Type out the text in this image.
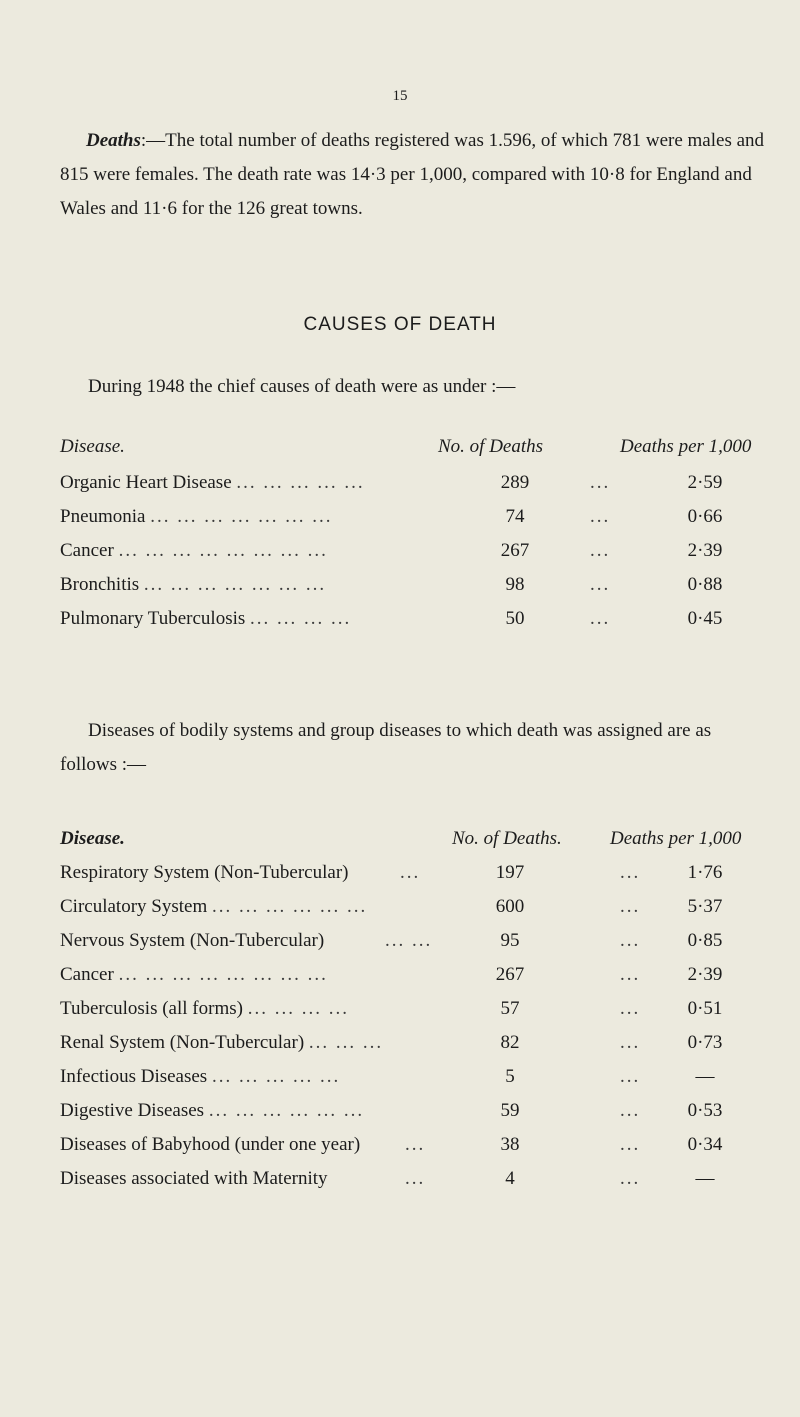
15
Deaths:—The total number of deaths registered was 1.596, of which 781 were males and 815 were females. The death rate was 14·3 per 1,000, compared with 10·8 for England and Wales and 11·6 for the 126 great towns.
CAUSES OF DEATH
During 1948 the chief causes of death were as under :—
Disease.	No. of Deaths	Deaths per 1,000
Organic Heart Disease ... ... ... ... ...	289	...	2·59
Pneumonia ... ... ... ... ... ... ...	74	...	0·66
Cancer ... ... ... ... ... ... ... ...	267	...	2·39
Bronchitis ... ... ... ... ... ... ...	98	...	0·88
Pulmonary Tuberculosis ... ... ... ...	50	...	0·45
Diseases of bodily systems and group diseases to which death was assigned are as follows :—
Disease.	No. of Deaths.	Deaths per 1,000
Respiratory System (Non-Tubercular)	...	197	...	1·76
Circulatory System ... ... ... ... ... ...	600	...	5·37
Nervous System (Non-Tubercular)	... ...	95	...	0·85
Cancer ... ... ... ... ... ... ... ...	267	...	2·39
Tuberculosis (all forms) ... ... ... ...	57	...	0·51
Renal System (Non-Tubercular) ... ... ...	82	...	0·73
Infectious Diseases ... ... ... ... ...	5	...	—
Digestive Diseases ... ... ... ... ... ...	59	...	0·53
Diseases of Babyhood (under one year) ...	38	...	0·34
Diseases associated with Maternity	...	4	...	—
